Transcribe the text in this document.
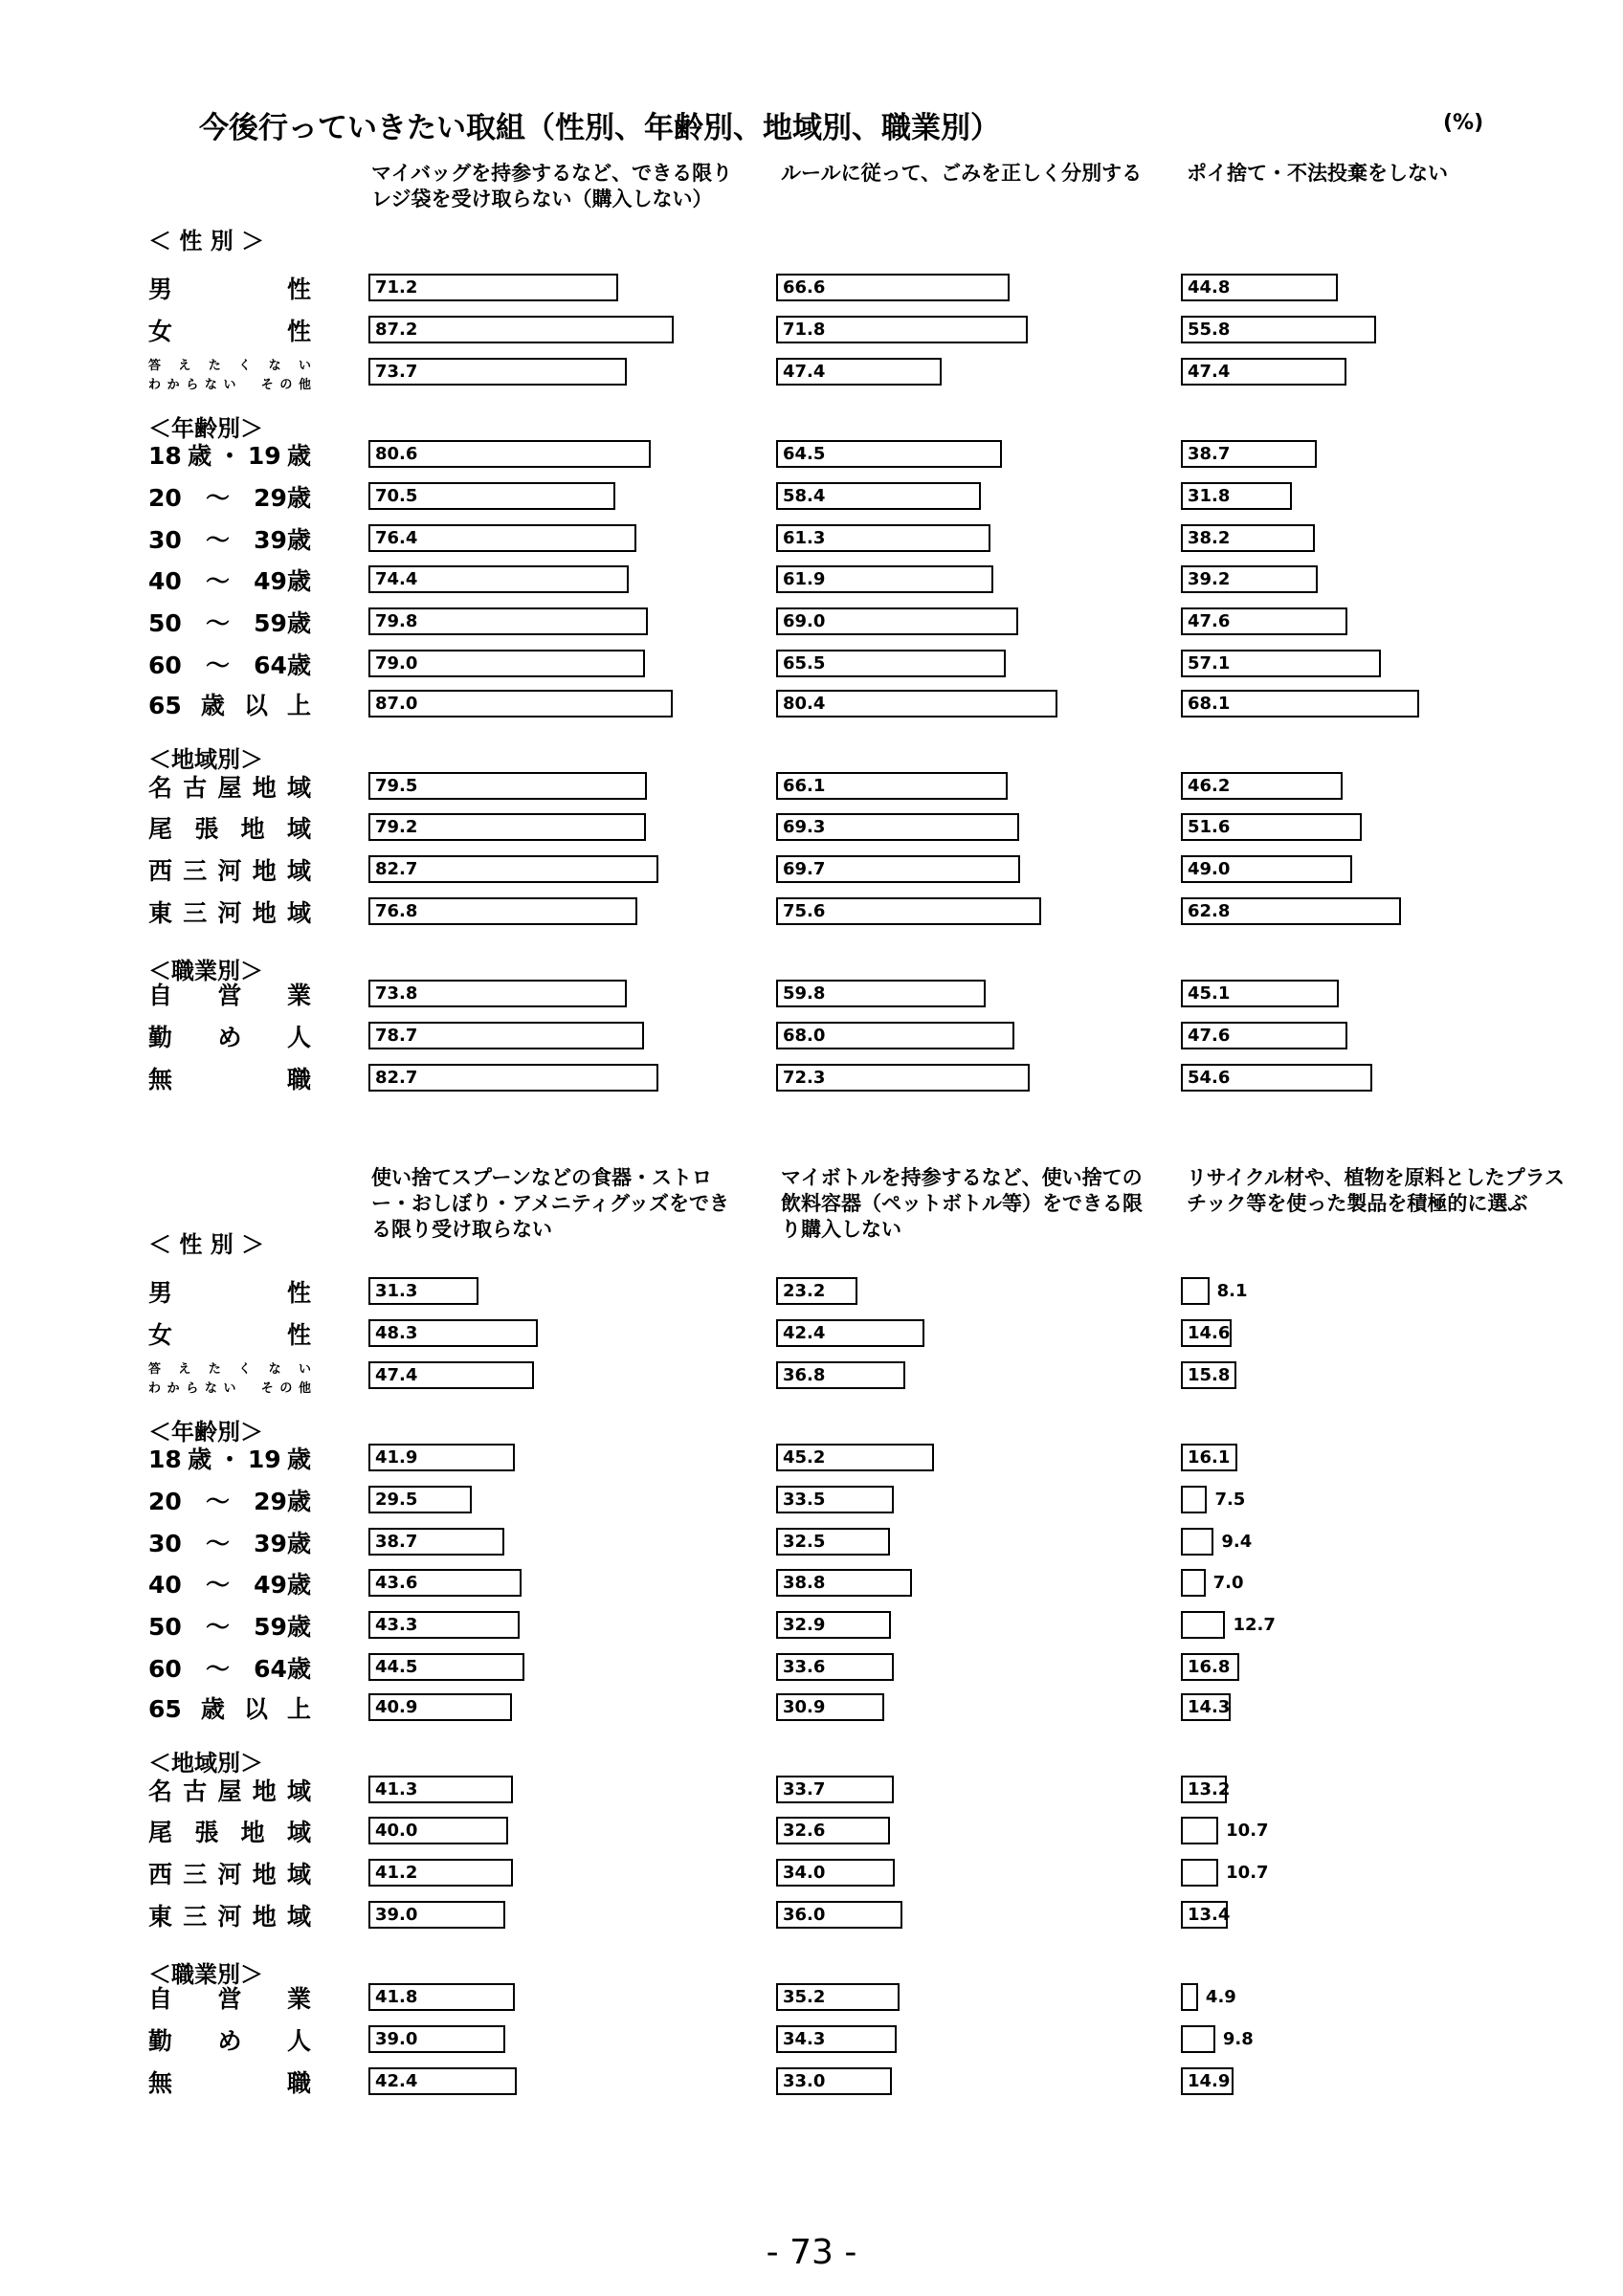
今後行っていきたい取組（性別、年齢別、地域別、職業別）	(%)
マイバッグを持参するなど、できる限りレジ袋を受け取らない（購入しない）
ルールに従って、ごみを正しく分別する ポイ捨て・不法投棄をしない
使い捨てスプーンなどの食器・ストロー・おしぼり・アメニティグッズをできる限り受け取らない
マイボトルを持参するなど、使い捨ての飲料容器（ペットボトル等）をできる限り購入しない
リサイクル材や、植物を原料としたプラスチック等を使った製品を積極的に選ぶ
＜ 性 別 ＞
＜年齢別＞
＜地域別＞
＜職業別＞
男　性
女　性
答えたくない
わからない　その他
18歳・19歳
20　～　29歳
30　～　39歳
40　～　49歳
50　～　59歳
60　～　64歳
65歳以上
名古屋地域
尾張地域
西三河地域
東三河地域
自営業
勤め人
無職
＜ 性 別 ＞
＜年齢別＞
＜地域別＞
＜職業別＞
男　性
女　性
答えたくない
わからない　その他
18歳・19歳
20　～　29歳
30　～　39歳
40　～　49歳
50　～　59歳
60　～　64歳
65歳以上
名古屋地域
尾張地域
西三河地域
東三河地域
自営業
勤め人
無職
71.2
87.2
73.7
80.6
70.5
76.4
74.4
79.8
79.0
87.0
79.5
79.2
82.7
76.8
73.8
78.7
82.7
66.6
71.8
47.4
64.5
58.4
61.3
61.9
69.0
65.5
80.4
66.1
69.3
69.7
75.6
59.8
68.0
72.3
44.8
55.8
47.4
38.7
31.8
38.2
39.2
47.6
57.1
68.1
46.2
51.6
49.0
62.8
45.1
47.6
54.6
31.3
48.3
47.4
41.9
29.5
38.7
43.6
43.3
44.5
40.9
41.3
40.0
41.2
39.0
41.8
39.0
42.4
23.2
42.4
36.8
45.2
33.5
32.5
38.8
32.9
33.6
30.9
33.7
32.6
34.0
36.0
35.2
34.3
33.0
8.1
14.6
15.8
16.1
7.5
9.4
7.0
12.7
16.8
14.3
13.2
10.7
10.7
13.4
4.9
9.8
14.9
- 73 -
